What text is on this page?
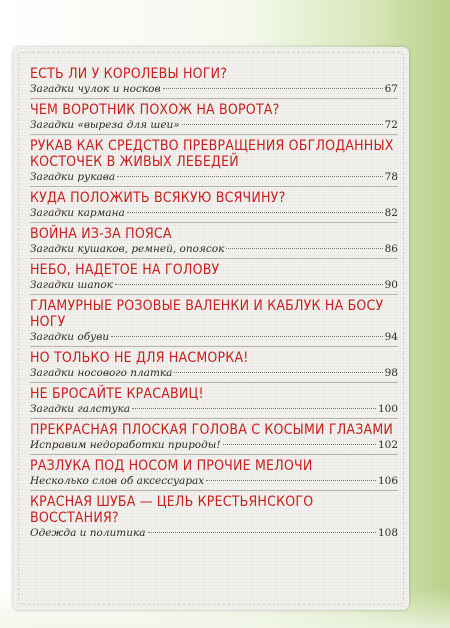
ЕСТЬ ЛИ У КОРОЛЕВЫ НОГИ?
Загадки чулок и носков	67
ЧЕМ ВОРОТНИК ПОХОЖ НА ВОРОТА?
Загадки «выреза для шеи»	72
РУКАВ КАК СРЕДСТВО ПРЕВРАЩЕНИЯ ОБГЛОДАННЫХ КОСТОЧЕК В ЖИВЫХ ЛЕБЕДЕЙ
Загадки рукава	78
КУДА ПОЛОЖИТЬ ВСЯКУЮ ВСЯЧИНУ?
Загадки кармана	82
ВОЙНА ИЗ-ЗА ПОЯСА
Загадки кушаков, ремней, опоясок	86
НЕБО, НАДЕТОЕ НА ГОЛОВУ
Загадки шапок	90
ГЛАМУРНЫЕ РОЗОВЫЕ ВАЛЕНКИ И КАБЛУК НА БОСУ НОГУ
Загадки обуви	94
НО ТОЛЬКО НЕ ДЛЯ НАСМОРКА!
Загадки носового платка	98
НЕ БРОСАЙТЕ КРАСАВИЦ!
Загадки галстука	100
ПРЕКРАСНАЯ ПЛОСКАЯ ГОЛОВА С КОСЫМИ ГЛАЗАМИ
Исправим недоработки природы!	102
РАЗЛУКА ПОД НОСОМ И ПРОЧИЕ МЕЛОЧИ
Несколько слов об аксессуарах	106
КРАСНАЯ ШУБА — ЦЕЛЬ КРЕСТЬЯНСКОГО ВОССТАНИЯ?
Одежда и политика	108
